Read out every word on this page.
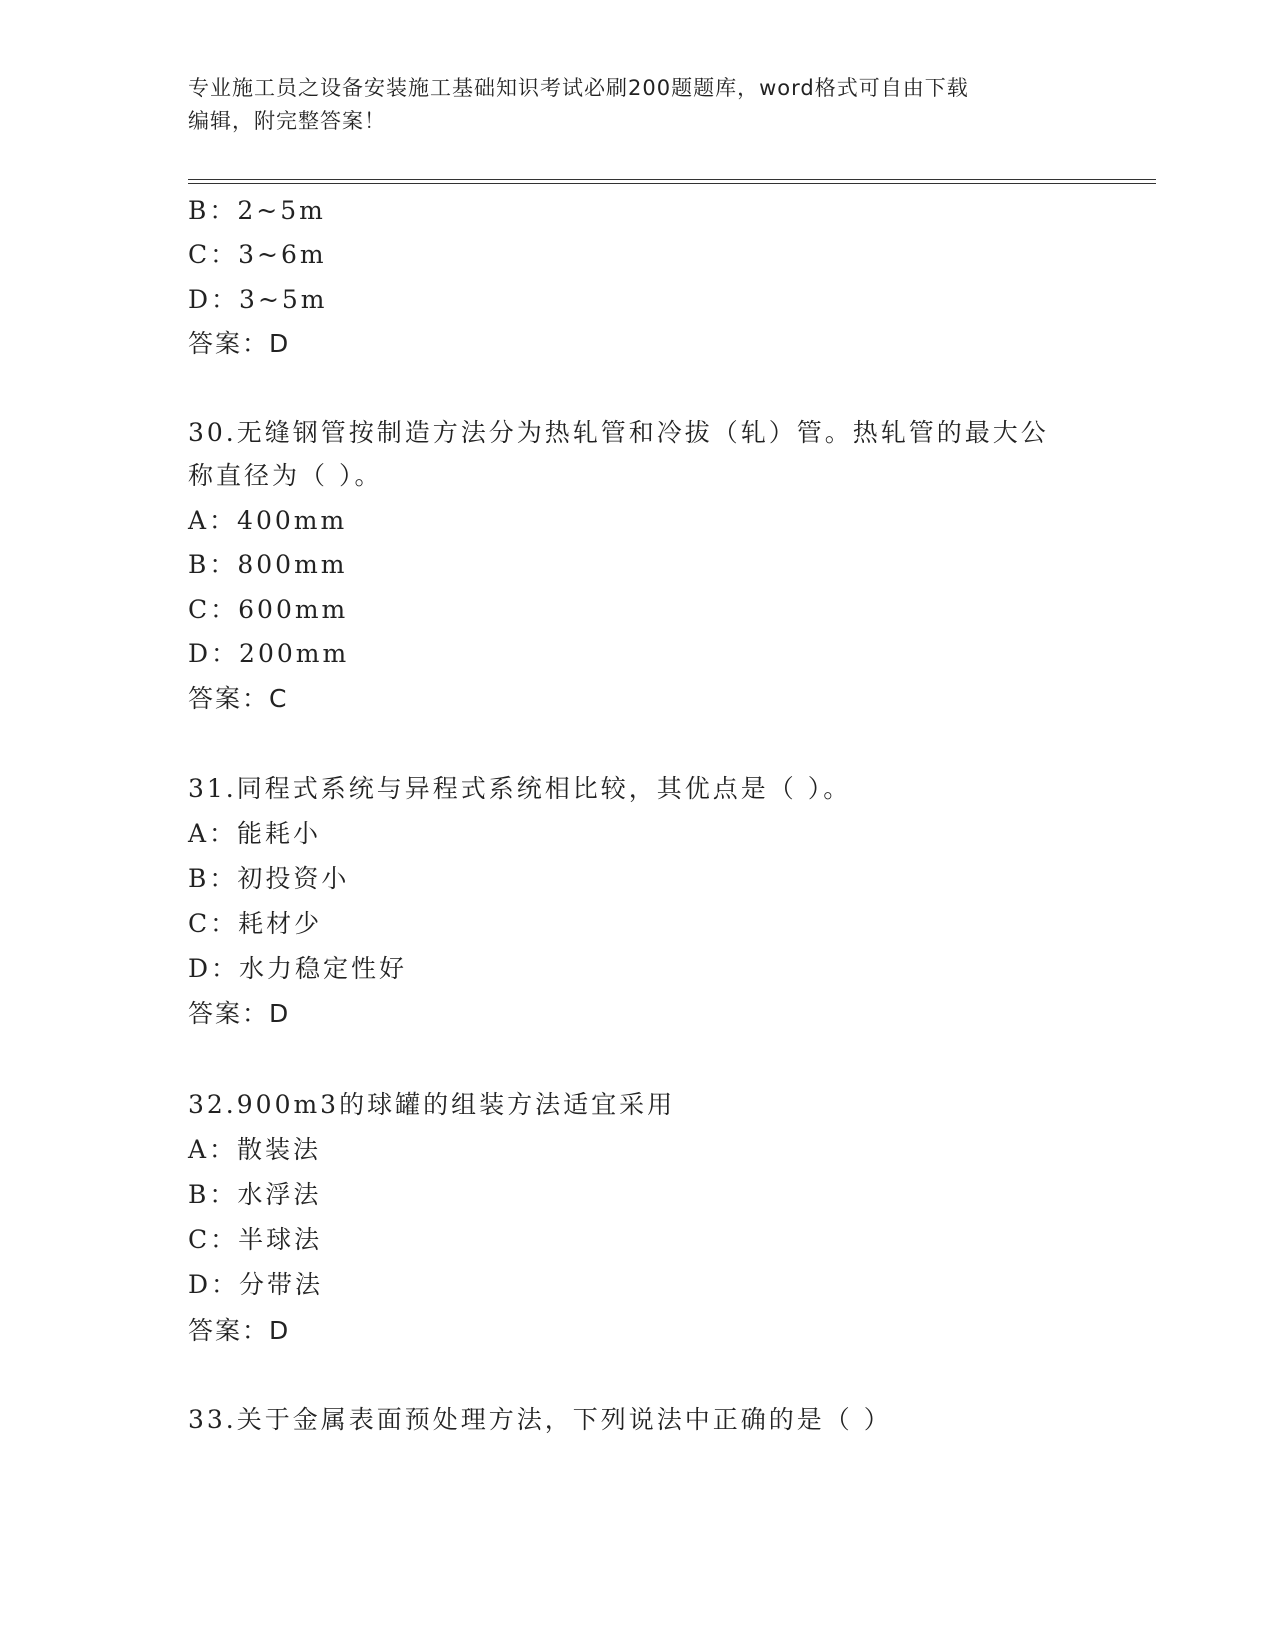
专业施工员之设备安装施工基础知识考试必刷200题题库，word格式可自由下载
编辑，附完整答案！
B：2~5m
C：3~6m
D：3~5m
答案：D
30.无缝钢管按制造方法分为热轧管和冷拔（轧）管。热轧管的最大公
称直径为（ ）。
A：400mm
B：800mm
C：600mm
D：200mm
答案：C
31.同程式系统与异程式系统相比较，其优点是（ ）。
A：能耗小
B：初投资小
C：耗材少
D：水力稳定性好
答案：D
32.900m3的球罐的组装方法适宜采用
A：散装法
B：水浮法
C：半球法
D：分带法
答案：D
33.关于金属表面预处理方法，下列说法中正确的是（ ）
